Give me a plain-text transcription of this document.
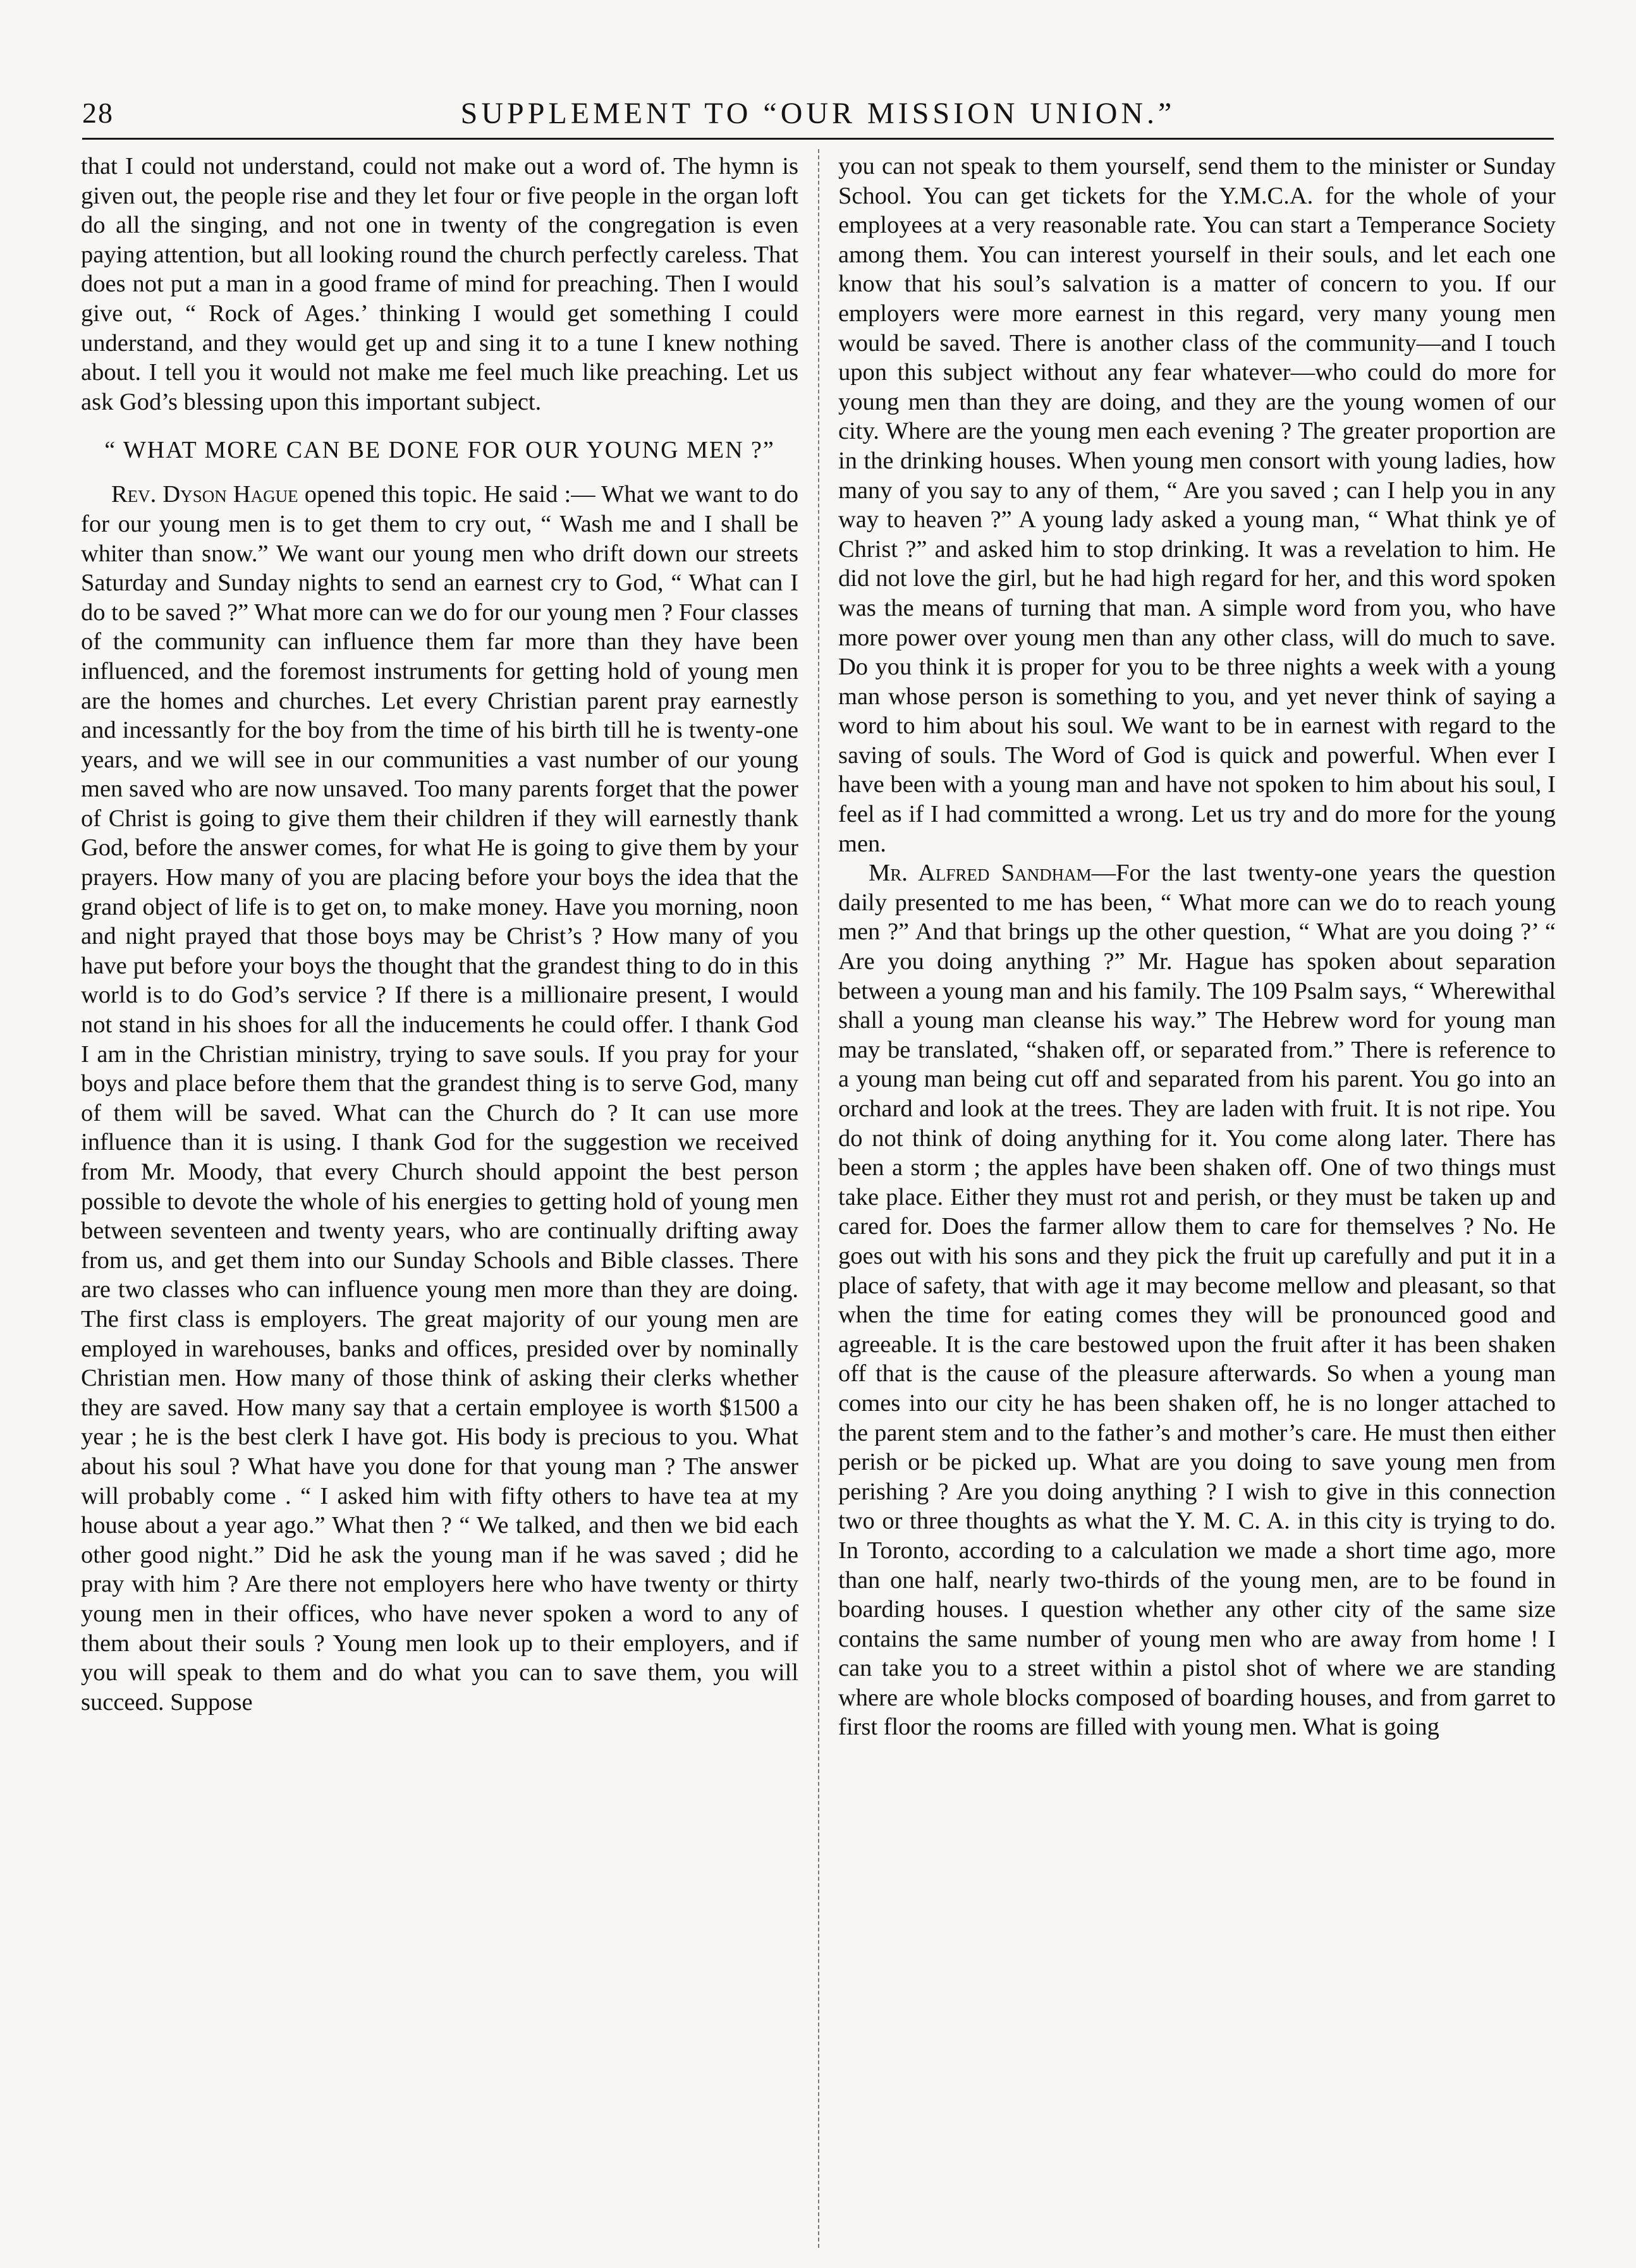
28	SUPPLEMENT TO “OUR MISSION UNION.”

that I could not understand, could not make out a word of. The hymn is given out, the people rise and they let four or five people in the organ loft do all the singing, and not one in twenty of the congregation is even paying attention, but all looking round the church perfectly careless. That does not put a man in a good frame of mind for preaching. Then I would give out, “ Rock of Ages.’ thinking I would get something I could understand, and they would get up and sing it to a tune I knew nothing about. I tell you it would not make me feel much like preaching. Let us ask God’s blessing upon this important subject.

“ WHAT MORE CAN BE DONE FOR OUR YOUNG MEN ?”

Rev. Dyson Hague opened this topic. He said :— What we want to do for our young men is to get them to cry out, “ Wash me and I shall be whiter than snow.” We want our young men who drift down our streets Saturday and Sunday nights to send an earnest cry to God, “ What can I do to be saved ?” What more can we do for our young men ? Four classes of the community can influence them far more than they have been influenced, and the foremost instruments for getting hold of young men are the homes and churches. Let every Christian parent pray earnestly and incessantly for the boy from the time of his birth till he is twenty-one years, and we will see in our communities a vast number of our young men saved who are now unsaved. Too many parents forget that the power of Christ is going to give them their children if they will earnestly thank God, before the answer comes, for what He is going to give them by your prayers. How many of you are placing before your boys the idea that the grand object of life is to get on, to make money. Have you morning, noon and night prayed that those boys may be Christ’s ? How many of you have put before your boys the thought that the grandest thing to do in this world is to do God’s service ? If there is a millionaire present, I would not stand in his shoes for all the inducements he could offer. I thank God I am in the Christian ministry, trying to save souls. If you pray for your boys and place before them that the grandest thing is to serve God, many of them will be saved. What can the Church do ? It can use more influence than it is using. I thank God for the suggestion we received from Mr. Moody, that every Church should appoint the best person possible to devote the whole of his energies to getting hold of young men between seventeen and twenty years, who are continually drifting away from us, and get them into our Sunday Schools and Bible classes. There are two classes who can influence young men more than they are doing. The first class is employers. The great majority of our young men are employed in warehouses, banks and offices, presided over by nominally Christian men. How many of those think of asking their clerks whether they are saved. How many say that a certain employee is worth $1500 a year ; he is the best clerk I have got. His body is precious to you. What about his soul ? What have you done for that young man ? The answer will probably come . “ I asked him with fifty others to have tea at my house about a year ago.” What then ? “ We talked, and then we bid each other good night.” Did he ask the young man if he was saved ; did he pray with him ? Are there not employers here who have twenty or thirty young men in their offices, who have never spoken a word to any of them about their souls ? Young men look up to their employers, and if you will speak to them and do what you can to save them, you will succeed. Suppose

you can not speak to them yourself, send them to the minister or Sunday School. You can get tickets for the Y.M.C.A. for the whole of your employees at a very reasonable rate. You can start a Temperance Society among them. You can interest yourself in their souls, and let each one know that his soul’s salvation is a matter of concern to you. If our employers were more earnest in this regard, very many young men would be saved. There is another class of the community—and I touch upon this subject without any fear whatever—who could do more for young men than they are doing, and they are the young women of our city. Where are the young men each evening ? The greater proportion are in the drinking houses. When young men consort with young ladies, how many of you say to any of them, “ Are you saved ; can I help you in any way to heaven ?” A young lady asked a young man, “ What think ye of Christ ?” and asked him to stop drinking. It was a revelation to him. He did not love the girl, but he had high regard for her, and this word spoken was the means of turning that man. A simple word from you, who have more power over young men than any other class, will do much to save. Do you think it is proper for you to be three nights a week with a young man whose person is something to you, and yet never think of saying a word to him about his soul. We want to be in earnest with regard to the saving of souls. The Word of God is quick and powerful. When ever I have been with a young man and have not spoken to him about his soul, I feel as if I had committed a wrong. Let us try and do more for the young men.

Mr. Alfred Sandham—For the last twenty-one years the question daily presented to me has been, “ What more can we do to reach young men ?” And that brings up the other question, “ What are you doing ?’ “ Are you doing anything ?” Mr. Hague has spoken about separation between a young man and his family. The 109 Psalm says, “ Wherewithal shall a young man cleanse his way.” The Hebrew word for young man may be translated, “shaken off, or separated from.” There is reference to a young man being cut off and separated from his parent. You go into an orchard and look at the trees. They are laden with fruit. It is not ripe. You do not think of doing anything for it. You come along later. There has been a storm ; the apples have been shaken off. One of two things must take place. Either they must rot and perish, or they must be taken up and cared for. Does the farmer allow them to care for themselves ? No. He goes out with his sons and they pick the fruit up carefully and put it in a place of safety, that with age it may become mellow and pleasant, so that when the time for eating comes they will be pronounced good and agreeable. It is the care bestowed upon the fruit after it has been shaken off that is the cause of the pleasure afterwards. So when a young man comes into our city he has been shaken off, he is no longer attached to the parent stem and to the father’s and mother’s care. He must then either perish or be picked up. What are you doing to save young men from perishing ? Are you doing anything ? I wish to give in this connection two or three thoughts as what the Y. M. C. A. in this city is trying to do. In Toronto, according to a calculation we made a short time ago, more than one half, nearly two-thirds of the young men, are to be found in boarding houses. I question whether any other city of the same size contains the same number of young men who are away from home ! I can take you to a street within a pistol shot of where we are standing where are whole blocks composed of boarding houses, and from garret to first floor the rooms are filled with young men. What is going
